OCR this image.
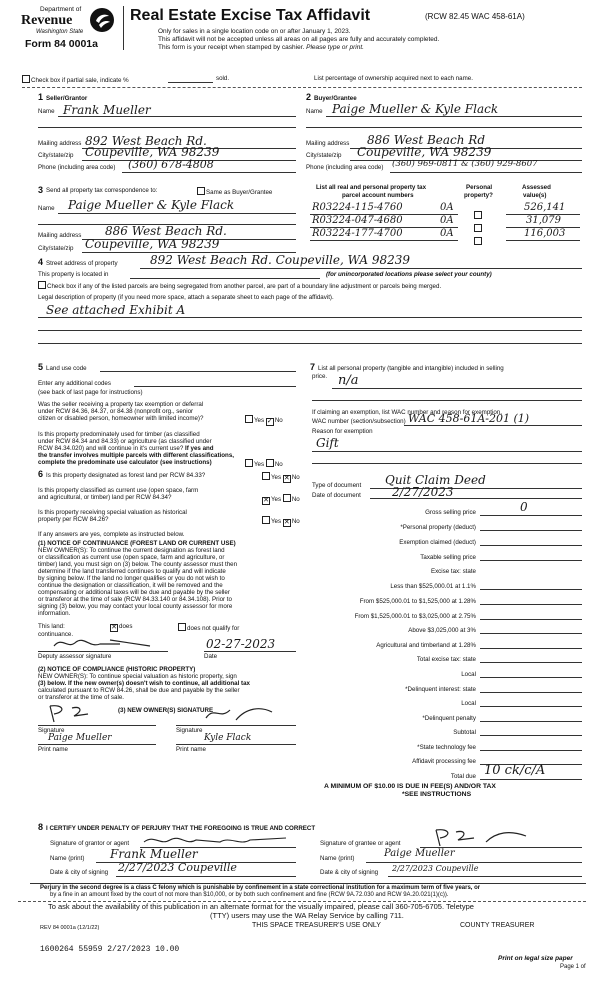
Department of
Revenue
Washington State
Form 84 0001a
Real Estate Excise Tax Affidavit	(RCW 82.45 WAC 458-61A)
Only for sales in a single location code on or after January 1, 2023.
This affidavit will not be accepted unless all areas on all pages are fully and accurately completed.
This form is your receipt when stamped by cashier. Please type or print.
Check box if partial sale, indicate %	sold.	List percentage of ownership acquired next to each name.
1 Seller/Grantor
Name Frank Mueller
Mailing address 892 West Beach Rd.
City/state/zip Coupeville, WA 98239
Phone (including area code) (360) 678-4808
2 Buyer/Grantee
Name Paige Mueller & Kyle Flack
Mailing address 886 West Beach Rd
City/state/zip Coupeville, WA 98239
Phone (including area code) (360) 969-0811 & (360) 929-8607
3 Send all property tax correspondence to:	Same as Buyer/Grantee
Name Paige Mueller & Kyle Flack
Mailing address 886 West Beach Rd.
City/state/zip Coupeville, WA 98239
List all real and personal property tax
parcel account numbers
Personal
property?
Assessed
value(s)
R03224-115-4760	0A	526,141
R03224-047-4680	0A	31,079
R03224-177-4700	0A	116,003
4 Street address of property	892 West Beach Rd. Coupeville, WA 98239
This property is located in	(for unincorporated locations please select your county)
Check box if any of the listed parcels are being segregated from another parcel, are part of a boundary line adjustment or parcels being merged.
Legal description of property (if you need more space, attach a separate sheet to each page of the affidavit).
See attached Exhibit A
5 Land use code
Enter any additional codes
(see back of last page for instructions)
Was the seller receiving a property tax exemption or deferral
under RCW 84.36, 84.37, or 84.38 (nonprofit org., senior
citizen or disabled person, homeowner with limited income)?	Yes ✓ No
Is this property predominately used for timber (as classified
under RCW 84.34 and 84.33) or agriculture (as classified under
RCW 84.34.020) and will continue in it's current use? If yes and
the transfer involves multiple parcels with different classifications,
complete the predominate use calculator (see instructions)	Yes No
6 Is this property designated as forest land per RCW 84.33?	Yes ✕ No
Is this property classified as current use (open space, farm
and agricultural, or timber) land per RCW 84.34?	✕ Yes No
Is this property receiving special valuation as historical
property per RCW 84.26?	Yes ✕ No
If any answers are yes, complete as instructed below.
(1) NOTICE OF CONTINUANCE (FOREST LAND OR CURRENT USE)
NEW OWNER(S): To continue the current designation as forest land
or classification as current use (open space, farm and agriculture, or
timber) land, you must sign on (3) below. The county assessor must then
determine if the land transferred continues to qualify and will indicate
by signing below. If the land no longer qualifies or you do not wish to
continue the designation or classification, it will be removed and the
compensating or additional taxes will be due and payable by the seller
or transferor at the time of sale (RCW 84.33.140 or 84.34.108). Prior to
signing (3) below, you may contact your local county assessor for more
information.
This land:	✕ does	does not qualify for
continuance.
02-27-2023
Deputy assessor signature	Date
(2) NOTICE OF COMPLIANCE (HISTORIC PROPERTY)
NEW OWNER(S): To continue special valuation as historic property, sign
(3) below. If the new owner(s) doesn't wish to continue, all additional tax
calculated pursuant to RCW 84.26, shall be due and payable by the seller
or transferor at the time of sale.
(3) NEW OWNER(S) SIGNATURE
Signature	Signature
Paige Mueller	Kyle Flack
Print name	Print name
7 List all personal property (tangible and intangible) included in selling
price. n/a
If claiming an exemption, list WAC number and reason for exemption.
WAC number (section/subsection) WAC 458-61A-201 (1)
Reason for exemption
Gift
Type of document Quit Claim Deed
Date of document	2/27/2023
Gross selling price	0
*Personal property (deduct)
Exemption claimed (deduct)
Taxable selling price
Excise tax: state
Less than $525,000.01 at 1.1%
From $525,000.01 to $1,525,000 at 1.28%
From $1,525,000.01 to $3,025,000 at 2.75%
Above $3,025,000 at 3%
Agricultural and timberland at 1.28%
Total excise tax: state
Local
*Delinquent interest: state
Local
*Delinquent penalty
Subtotal
*State technology fee
Affidavit processing fee
Total due 10 ck/c/A
A MINIMUM OF $10.00 IS DUE IN FEE(S) AND/OR TAX
*SEE INSTRUCTIONS
8 I CERTIFY UNDER PENALTY OF PERJURY THAT THE FOREGOING IS TRUE AND CORRECT
Signature of grantor or agent
Name (print) Frank Mueller
Date & city of signing 2/27/2023 Coupeville
Signature of grantee or agent
Name (print)	Paige Mueller
Date & city of signing 2/27/2023 Coupeville
Perjury in the second degree is a class C felony which is punishable by confinement in a state correctional institution for a maximum term of five years, or
by a fine in an amount fixed by the court of not more than $10,000, or by both such confinement and fine (RCW 9A.72.030 and RCW 9A.20.021(1)(c)).
To ask about the availability of this publication in an alternate format for the visually impaired, please call 360-705-6705. Teletype
(TTY) users may use the WA Relay Service by calling 711.
REV 84 0001a (12/1/22)	THIS SPACE TREASURER'S USE ONLY	COUNTY TREASURER
1600264 55959 2/27/2023 10.00
Print on legal size paper
Page 1 of
